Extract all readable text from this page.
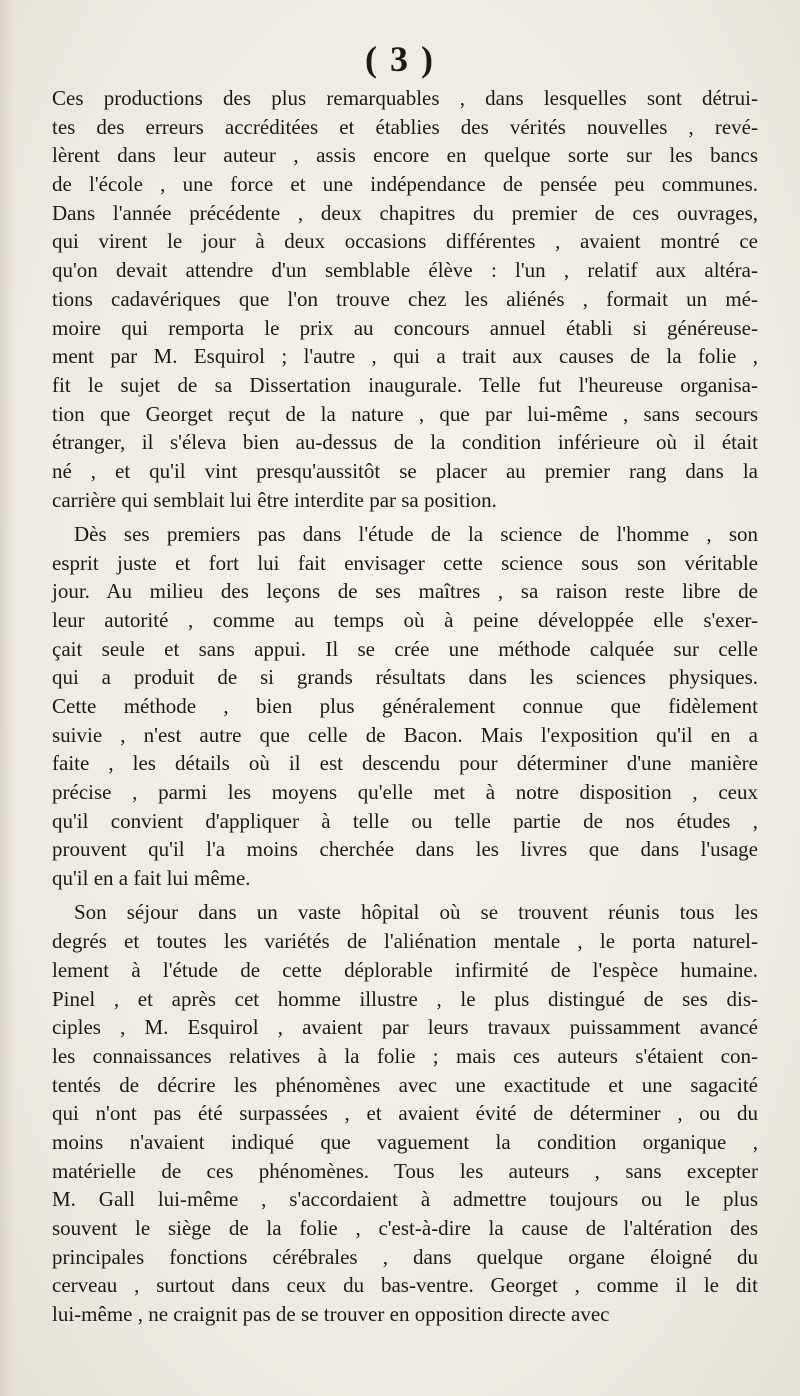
( 3 )
Ces productions des plus remarquables , dans lesquelles sont détrui-
tes des erreurs accréditées et établies des vérités nouvelles , revé-
lèrent dans leur auteur , assis encore en quelque sorte sur les bancs
de l'école , une force et une indépendance de pensée peu communes.
Dans l'année précédente , deux chapitres du premier de ces ouvrages,
qui virent le jour à deux occasions différentes , avaient montré ce
qu'on devait attendre d'un semblable élève : l'un , relatif aux altéra-
tions cadavériques que l'on trouve chez les aliénés , formait un mé-
moire qui remporta le prix au concours annuel établi si généreuse-
ment par M. Esquirol ; l'autre , qui a trait aux causes de la folie ,
fit le sujet de sa Dissertation inaugurale. Telle fut l'heureuse organisa-
tion que Georget reçut de la nature , que par lui-même , sans secours
étranger, il s'éleva bien au-dessus de la condition inférieure où il était
né , et qu'il vint presqu'aussitôt se placer au premier rang dans la
carrière qui semblait lui être interdite par sa position.
Dès ses premiers pas dans l'étude de la science de l'homme , son
esprit juste et fort lui fait envisager cette science sous son véritable
jour. Au milieu des leçons de ses maîtres , sa raison reste libre de
leur autorité , comme au temps où à peine développée elle s'exer-
çait seule et sans appui. Il se crée une méthode calquée sur celle
qui a produit de si grands résultats dans les sciences physiques.
Cette méthode , bien plus généralement connue que fidèlement
suivie , n'est autre que celle de Bacon. Mais l'exposition qu'il en a
faite , les détails où il est descendu pour déterminer d'une manière
précise , parmi les moyens qu'elle met à notre disposition , ceux
qu'il convient d'appliquer à telle ou telle partie de nos études ,
prouvent qu'il l'a moins cherchée dans les livres que dans l'usage
qu'il en a fait lui même.
Son séjour dans un vaste hôpital où se trouvent réunis tous les
degrés et toutes les variétés de l'aliénation mentale , le porta naturel-
lement à l'étude de cette déplorable infirmité de l'espèce humaine.
Pinel , et après cet homme illustre , le plus distingué de ses dis-
ciples , M. Esquirol , avaient par leurs travaux puissamment avancé
les connaissances relatives à la folie ; mais ces auteurs s'étaient con-
tentés de décrire les phénomènes avec une exactitude et une sagacité
qui n'ont pas été surpassées , et avaient évité de déterminer , ou du
moins n'avaient indiqué que vaguement la condition organique ,
matérielle de ces phénomènes. Tous les auteurs , sans excepter
M. Gall lui-même , s'accordaient à admettre toujours ou le plus
souvent le siège de la folie , c'est-à-dire la cause de l'altération des
principales fonctions cérébrales , dans quelque organe éloigné du
cerveau , surtout dans ceux du bas-ventre. Georget , comme il le dit
lui-même , ne craignit pas de se trouver en opposition directe avec
